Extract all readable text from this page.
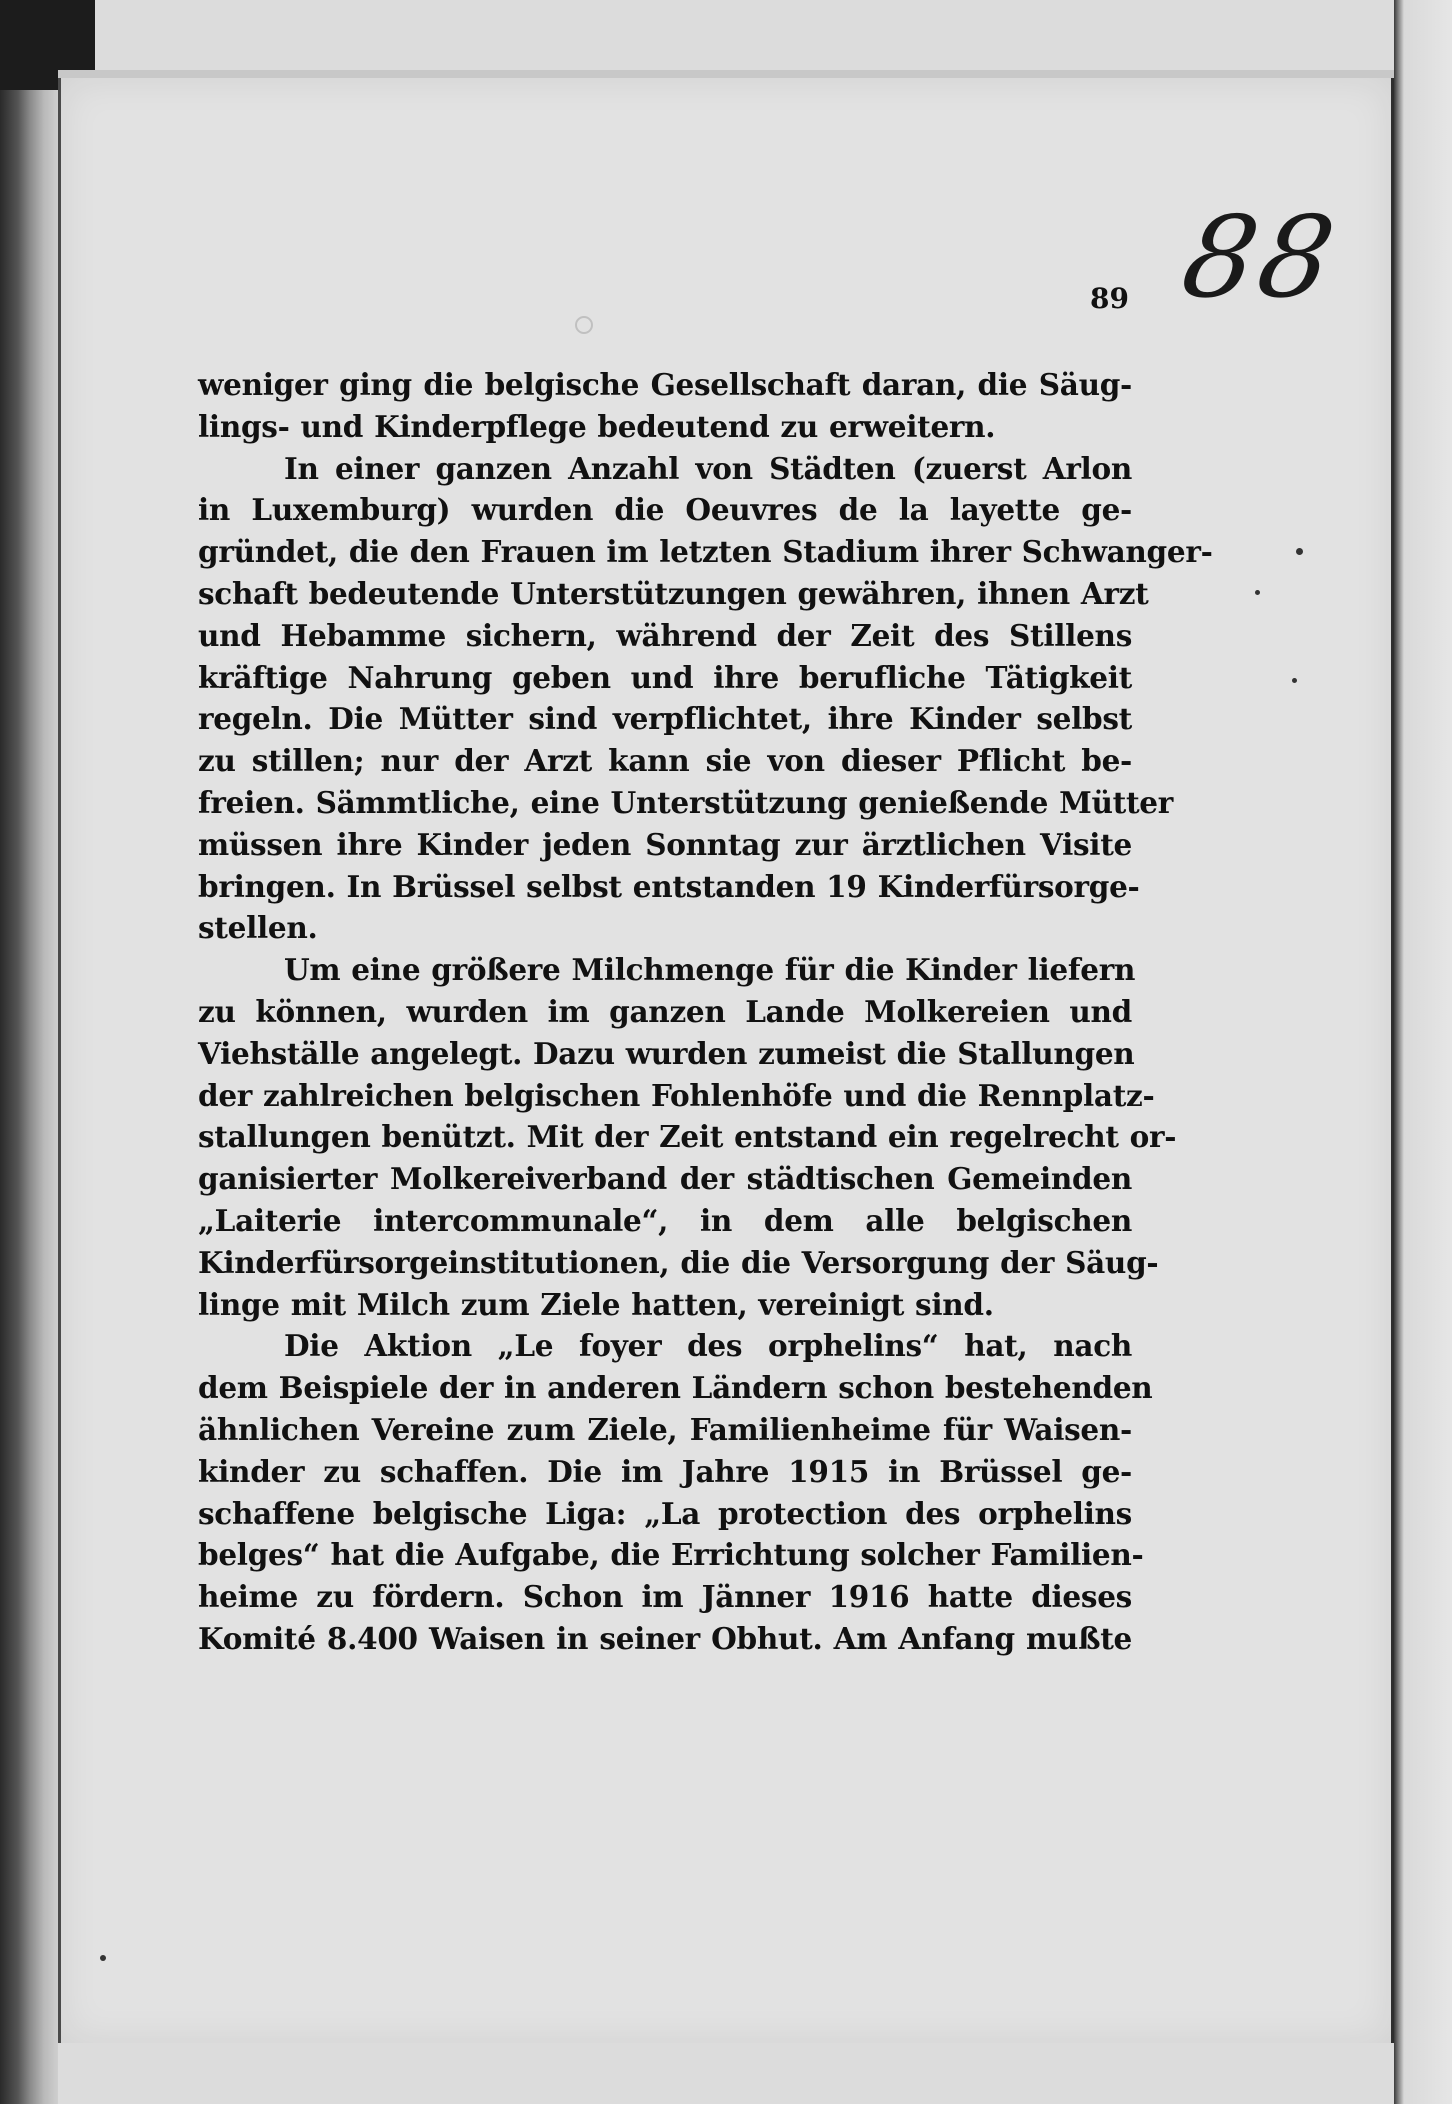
88
89
weniger ging die belgische Gesellschaft daran, die Säug-
lings- und Kinderpflege bedeutend zu erweitern.
In einer ganzen Anzahl von Städten (zuerst Arlon
in Luxemburg) wurden die Oeuvres de la layette ge-
gründet, die den Frauen im letzten Stadium ihrer Schwanger-
schaft bedeutende Unterstützungen gewähren, ihnen Arzt
und Hebamme sichern, während der Zeit des Stillens
kräftige Nahrung geben und ihre berufliche Tätigkeit
regeln. Die Mütter sind verpflichtet, ihre Kinder selbst
zu stillen; nur der Arzt kann sie von dieser Pflicht be-
freien. Sämmtliche, eine Unterstützung genießende Mütter
müssen ihre Kinder jeden Sonntag zur ärztlichen Visite
bringen. In Brüssel selbst entstanden 19 Kinderfürsorge-
stellen.
Um eine größere Milchmenge für die Kinder liefern
zu können, wurden im ganzen Lande Molkereien und
Viehställe angelegt. Dazu wurden zumeist die Stallungen
der zahlreichen belgischen Fohlenhöfe und die Rennplatz-
stallungen benützt. Mit der Zeit entstand ein regelrecht or-
ganisierter Molkereiverband der städtischen Gemeinden
„Laiterie intercommunale“, in dem alle belgischen
Kinderfürsorgeinstitutionen, die die Versorgung der Säug-
linge mit Milch zum Ziele hatten, vereinigt sind.
Die Aktion „Le foyer des orphelins“ hat, nach
dem Beispiele der in anderen Ländern schon bestehenden
ähnlichen Vereine zum Ziele, Familienheime für Waisen-
kinder zu schaffen. Die im Jahre 1915 in Brüssel ge-
schaffene belgische Liga: „La protection des orphelins
belges“ hat die Aufgabe, die Errichtung solcher Familien-
heime zu fördern. Schon im Jänner 1916 hatte dieses
Komité 8.400 Waisen in seiner Obhut. Am Anfang mußte
